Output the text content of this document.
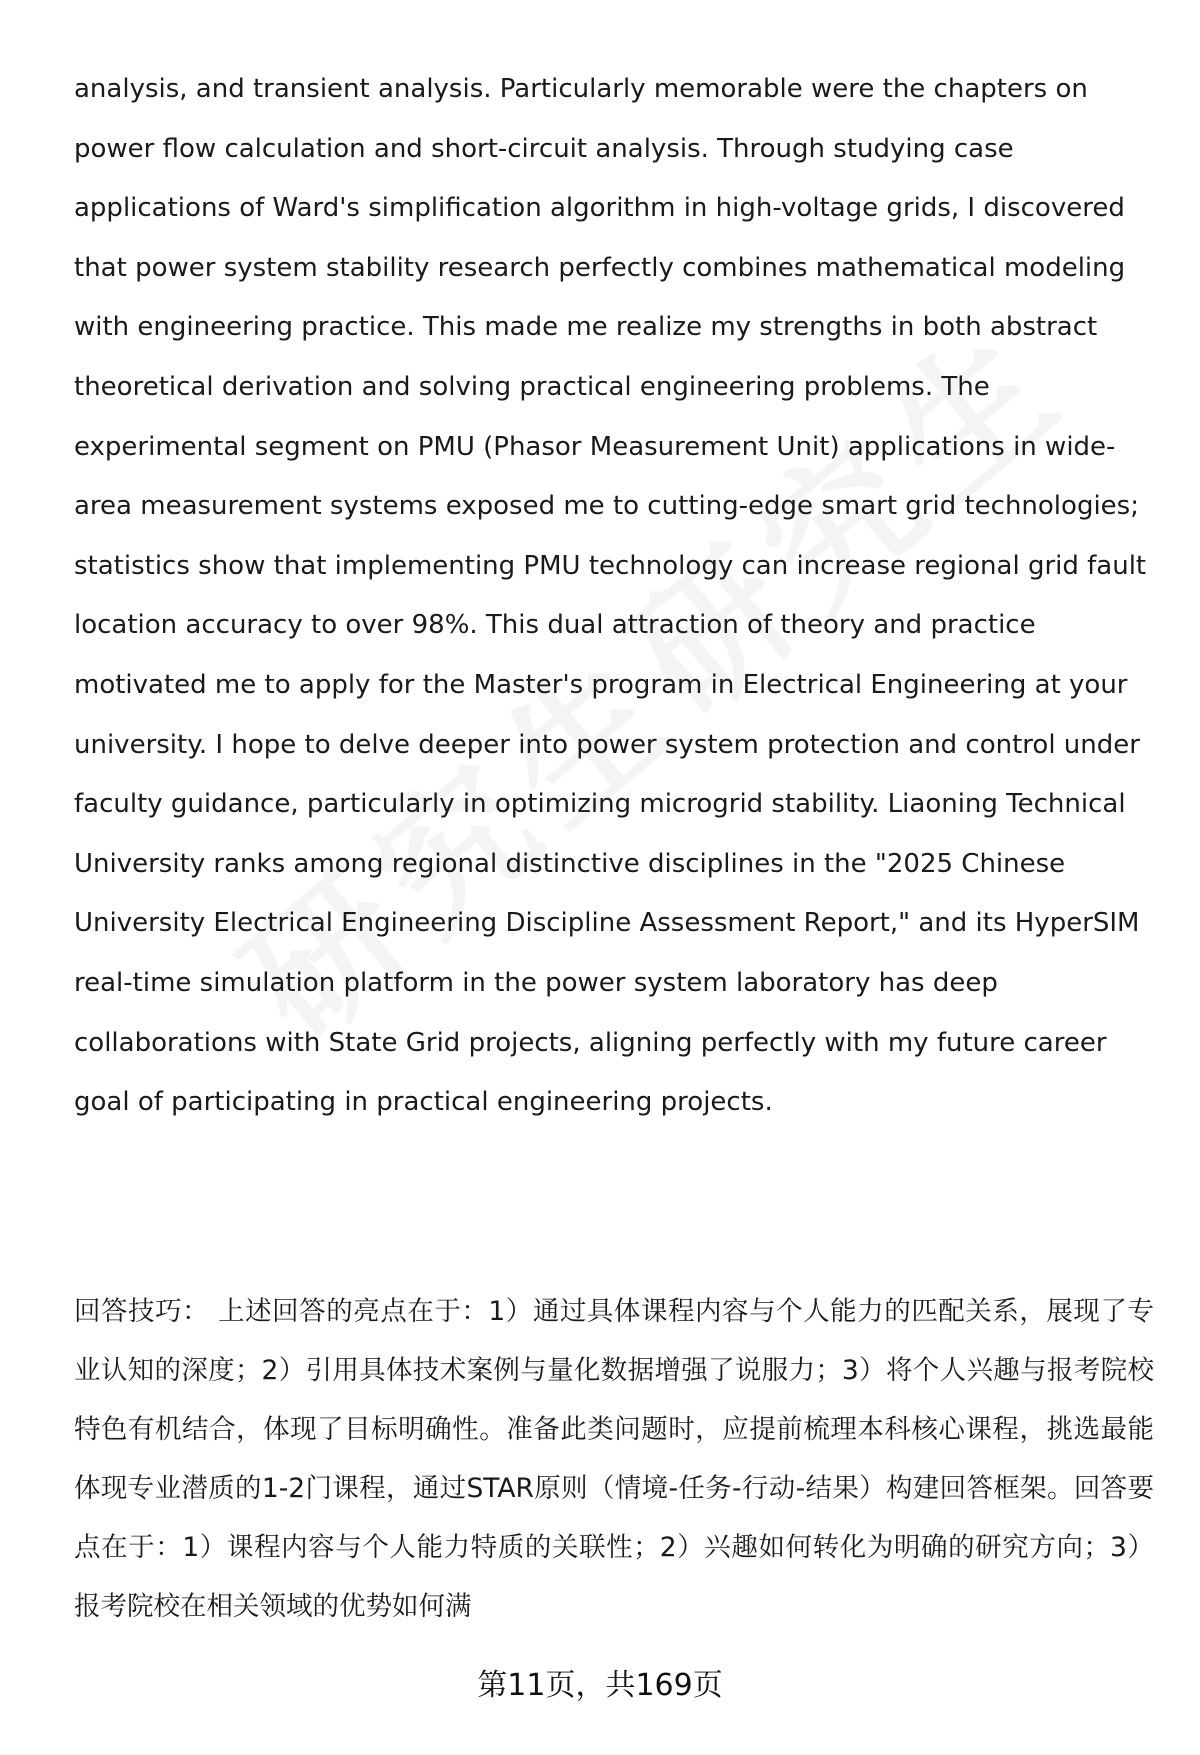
analysis, and transient analysis. Particularly memorable were the chapters on power flow calculation and short-circuit analysis. Through studying case applications of Ward's simplification algorithm in high-voltage grids, I discovered that power system stability research perfectly combines mathematical modeling with engineering practice. This made me realize my strengths in both abstract theoretical derivation and solving practical engineering problems. The experimental segment on PMU (Phasor Measurement Unit) applications in wide-area measurement systems exposed me to cutting-edge smart grid technologies; statistics show that implementing PMU technology can increase regional grid fault location accuracy to over 98%. This dual attraction of theory and practice motivated me to apply for the Master's program in Electrical Engineering at your university. I hope to delve deeper into power system protection and control under faculty guidance, particularly in optimizing microgrid stability. Liaoning Technical University ranks among regional distinctive disciplines in the "2025 Chinese University Electrical Engineering Discipline Assessment Report," and its HyperSIM real-time simulation platform in the power system laboratory has deep collaborations with State Grid projects, aligning perfectly with my future career goal of participating in practical engineering projects.

回答技巧： 上述回答的亮点在于：1）通过具体课程内容与个人能力的匹配关系，展现了专业认知的深度；2）引用具体技术案例与量化数据增强了说服力；3）将个人兴趣与报考院校特色有机结合，体现了目标明确性。准备此类问题时，应提前梳理本科核心课程，挑选最能体现专业潜质的1-2门课程，通过STAR原则（情境-任务-行动-结果）构建回答框架。回答要点在于：1）课程内容与个人能力特质的关联性；2）兴趣如何转化为明确的研究方向；3）报考院校在相关领域的优势如何满

第11页，共169页
